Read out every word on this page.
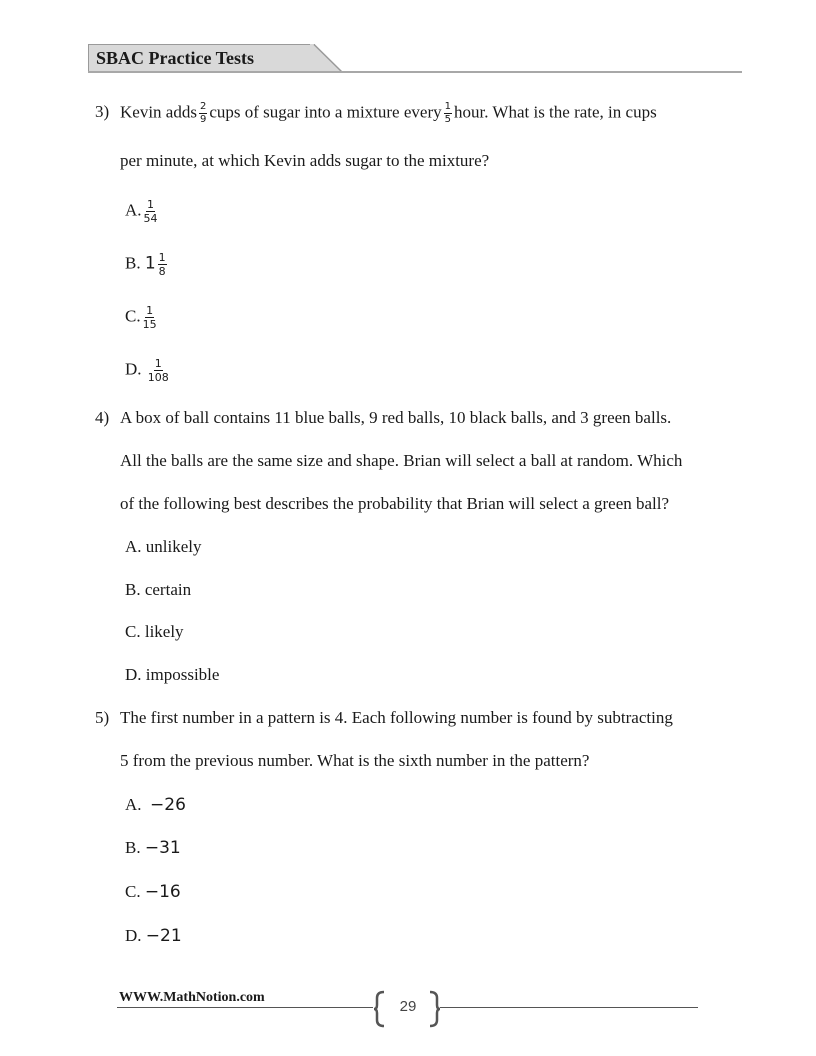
SBAC Practice Tests
3) Kevin adds $\frac{2}{9}$ cups of sugar into a mixture every $\frac{1}{5}$ hour. What is the rate, in cups
per minute, at which Kevin adds sugar to the mixture?
A. $\frac{1}{54}$
B. $1 \frac{1}{8}$
C. $\frac{1}{15}$
D. $\frac{1}{108}$
4) A box of ball contains 11 blue balls, 9 red balls, 10 black balls, and 3 green balls.
All the balls are the same size and shape. Brian will select a ball at random. Which
of the following best describes the probability that Brian will select a green ball?
A. unlikely
B. certain
C. likely
D. impossible
5) The first number in a pattern is 4. Each following number is found by subtracting
5 from the previous number. What is the sixth number in the pattern?
A. −26
B. −31
C. −16
D. −21
WWW.MathNotion.com
29
